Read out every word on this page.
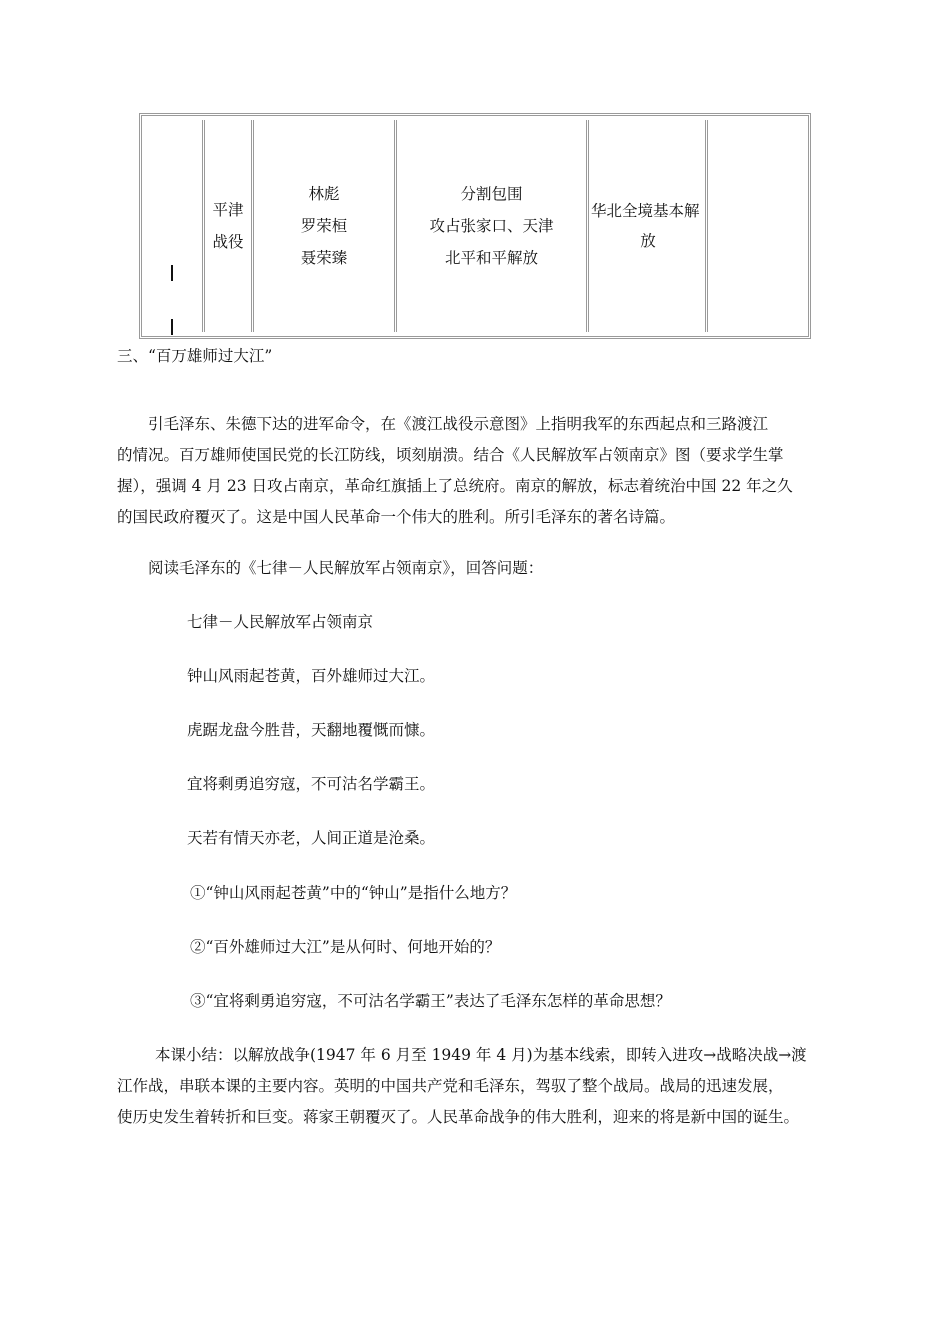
平津
战役
林彪
罗荣桓
聂荣臻
分割包围
攻占张家口、天津
北平和平解放
华北全境基本解
放
三、“百万雄师过大江”
引毛泽东、朱德下达的进军命令，在《渡江战役示意图》上指明我军的东西起点和三路渡江
的情况。百万雄师使国民党的长江防线，顷刻崩溃。结合《人民解放军占领南京》图（要求学生掌
握），强调 4 月 23 日攻占南京，革命红旗插上了总统府。南京的解放，标志着统治中国 22 年之久
的国民政府覆灭了。这是中国人民革命一个伟大的胜利。所引毛泽东的著名诗篇。
阅读毛泽东的《七律－人民解放军占领南京》，回答问题：
七律－人民解放军占领南京
钟山风雨起苍黄，百外雄师过大江。
虎踞龙盘今胜昔，天翻地覆慨而慷。
宜将剩勇追穷寇，不可沽名学霸王。
天若有情天亦老，人间正道是沧桑。
①“钟山风雨起苍黄”中的“钟山”是指什么地方？
②“百外雄师过大江”是从何时、何地开始的？
③“宜将剩勇追穷寇，不可沽名学霸王”表达了毛泽东怎样的革命思想？
本课小结：以解放战争(1947 年 6 月至 1949 年 4 月)为基本线索，即转入进攻→战略决战→渡
江作战，串联本课的主要内容。英明的中国共产党和毛泽东，驾驭了整个战局。战局的迅速发展，
使历史发生着转折和巨变。蒋家王朝覆灭了。人民革命战争的伟大胜利，迎来的将是新中国的诞生。
